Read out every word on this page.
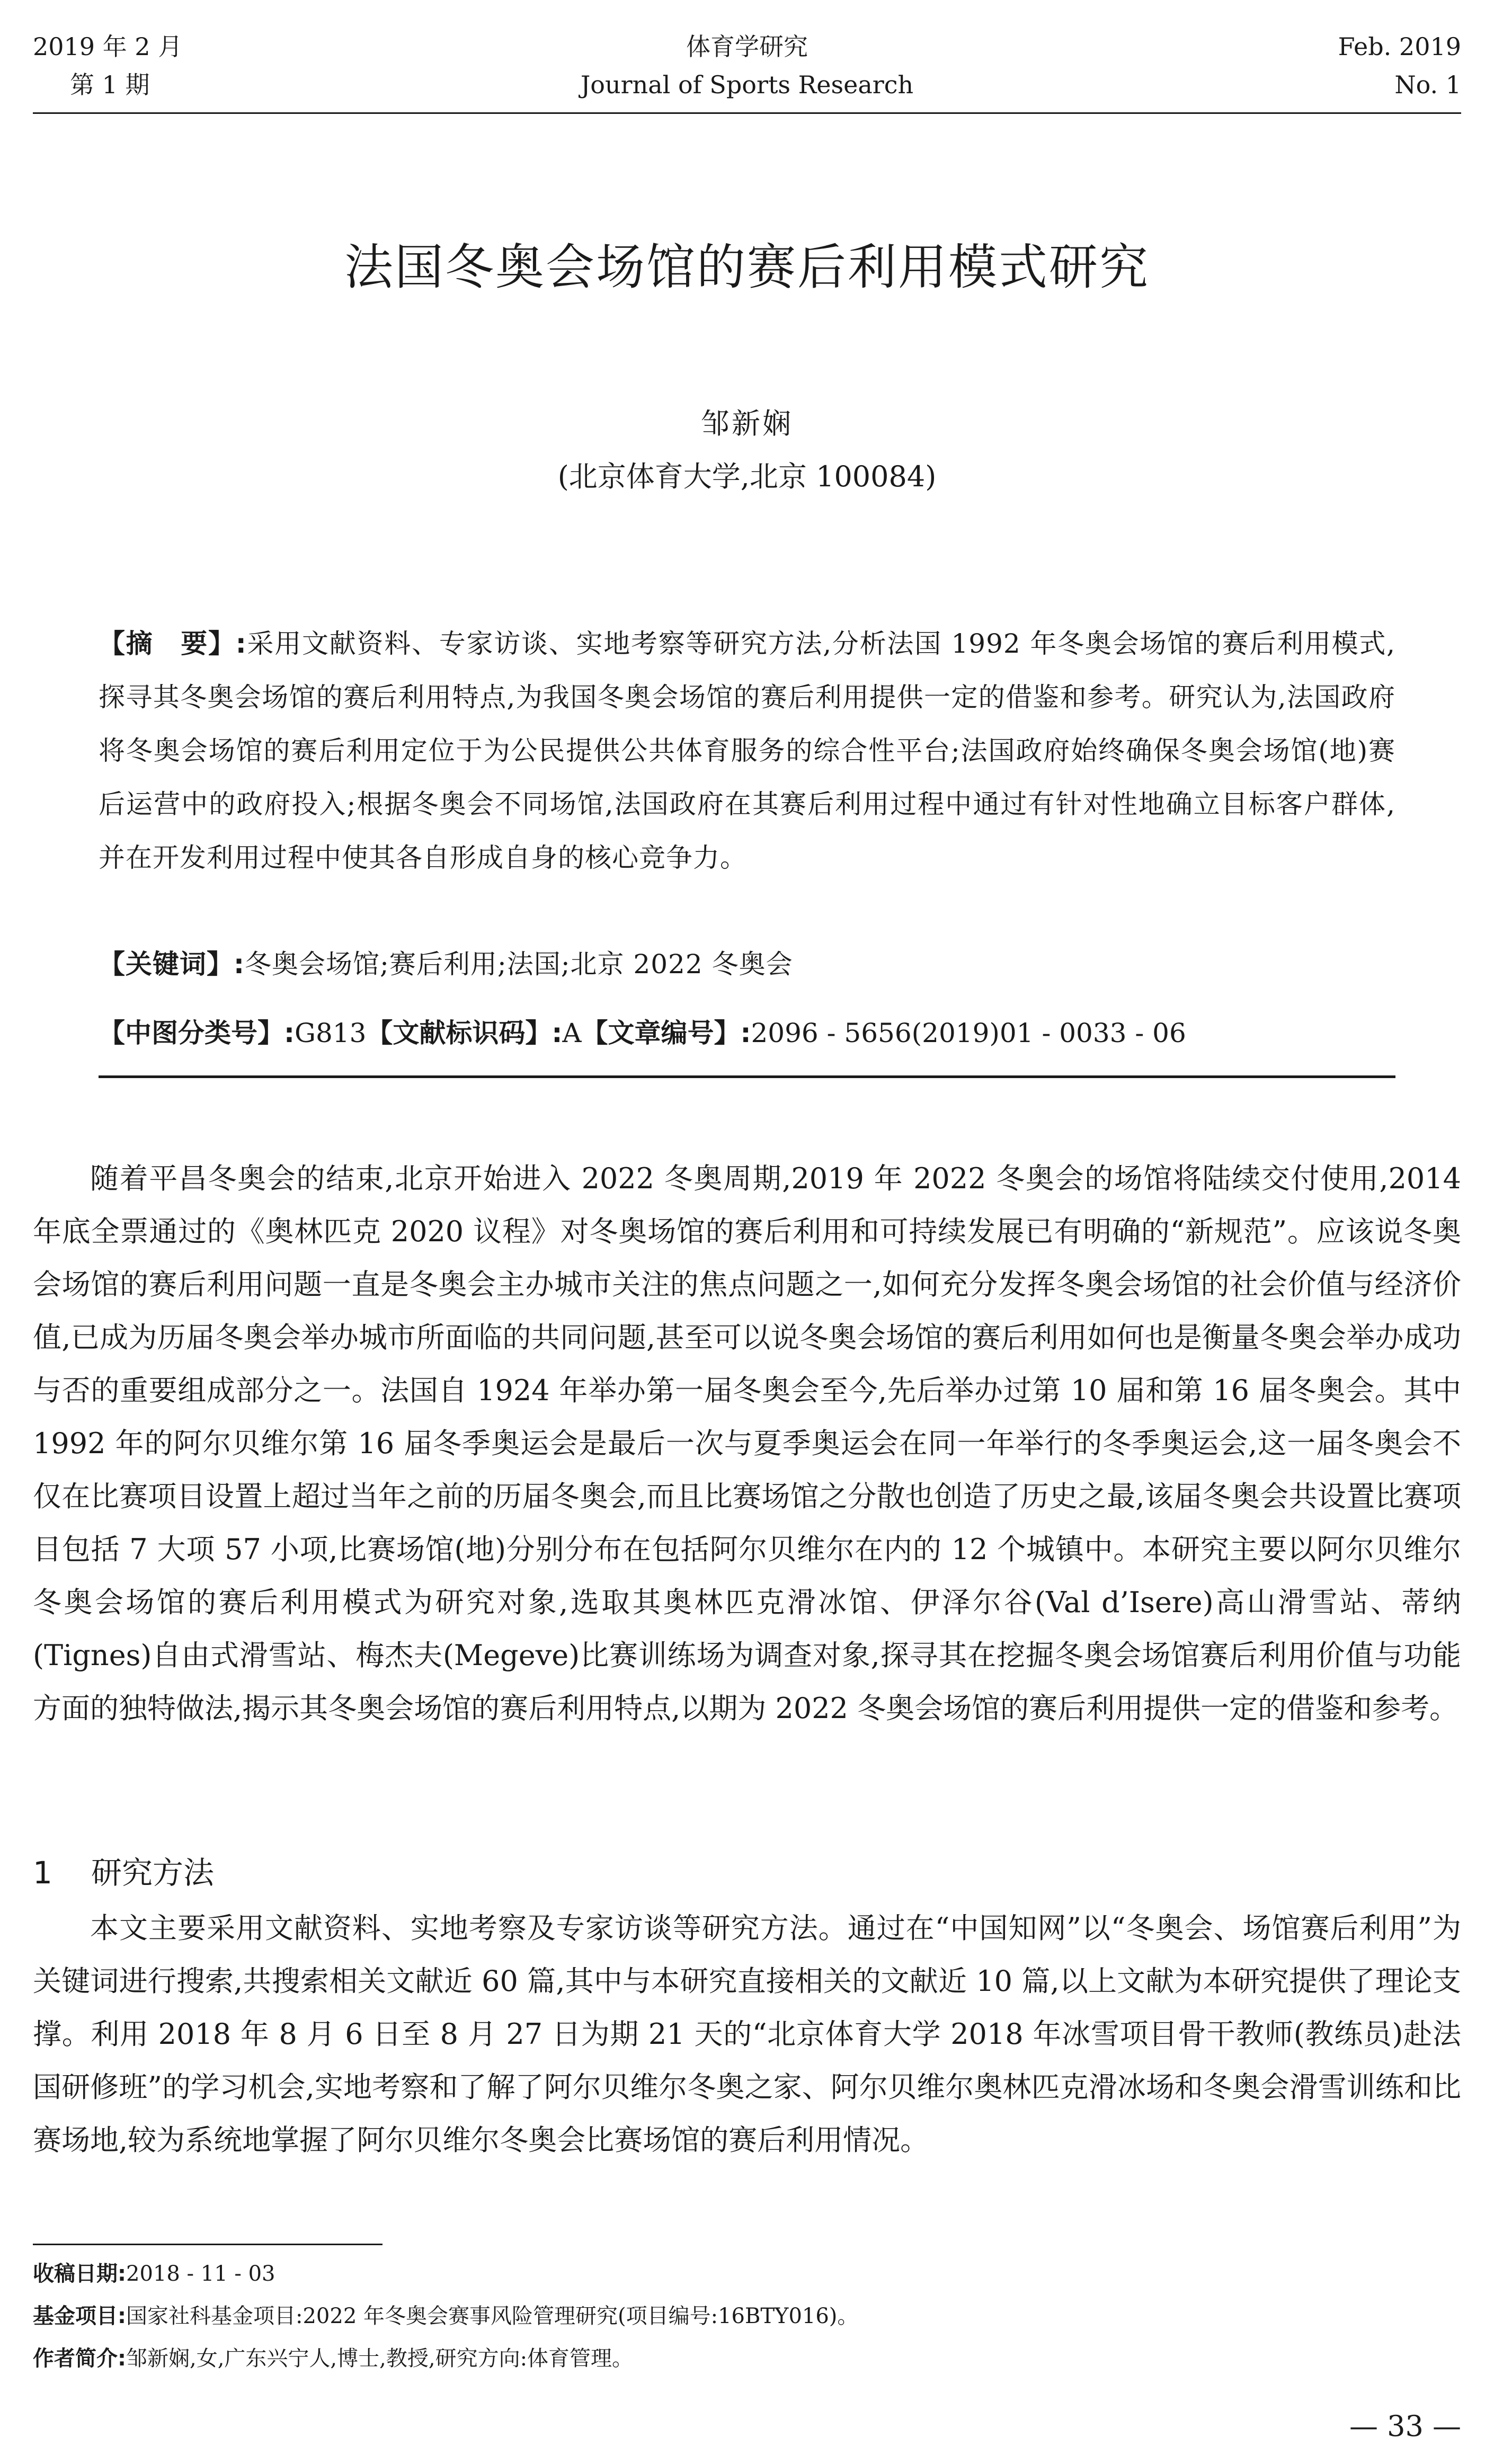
2019 年 2 月
第 1 期
体育学研究
Journal of Sports Research
Feb. 2019
No. 1
法国冬奥会场馆的赛后利用模式研究
邹新娴
(北京体育大学,北京 100084)
【摘　要】:采用文献资料、专家访谈、实地考察等研究方法,分析法国 1992 年冬奥会场馆的赛后利用模式,探寻其冬奥会场馆的赛后利用特点,为我国冬奥会场馆的赛后利用提供一定的借鉴和参考。研究认为,法国政府将冬奥会场馆的赛后利用定位于为公民提供公共体育服务的综合性平台;法国政府始终确保冬奥会场馆(地)赛后运营中的政府投入;根据冬奥会不同场馆,法国政府在其赛后利用过程中通过有针对性地确立目标客户群体,并在开发利用过程中使其各自形成自身的核心竞争力。
【关键词】:冬奥会场馆;赛后利用;法国;北京 2022 冬奥会
【中图分类号】:G813【文献标识码】:A【文章编号】:2096 - 5656(2019)01 - 0033 - 06
随着平昌冬奥会的结束,北京开始进入 2022 冬奥周期,2019 年 2022 冬奥会的场馆将陆续交付使用,2014 年底全票通过的《奥林匹克 2020 议程》对冬奥场馆的赛后利用和可持续发展已有明确的“新规范”。应该说冬奥会场馆的赛后利用问题一直是冬奥会主办城市关注的焦点问题之一,如何充分发挥冬奥会场馆的社会价值与经济价值,已成为历届冬奥会举办城市所面临的共同问题,甚至可以说冬奥会场馆的赛后利用如何也是衡量冬奥会举办成功与否的重要组成部分之一。法国自 1924 年举办第一届冬奥会至今,先后举办过第 10 届和第 16 届冬奥会。其中 1992 年的阿尔贝维尔第 16 届冬季奥运会是最后一次与夏季奥运会在同一年举行的冬季奥运会,这一届冬奥会不仅在比赛项目设置上超过当年之前的历届冬奥会,而且比赛场馆之分散也创造了历史之最,该届冬奥会共设置比赛项目包括 7 大项 57 小项,比赛场馆(地)分别分布在包括阿尔贝维尔在内的 12 个城镇中。本研究主要以阿尔贝维尔冬奥会场馆的赛后利用模式为研究对象,选取其奥林匹克滑冰馆、伊泽尔谷(Val d’Isere)高山滑雪站、蒂纳(Tignes)自由式滑雪站、梅杰夫(Megeve)比赛训练场为调查对象,探寻其在挖掘冬奥会场馆赛后利用价值与功能方面的独特做法,揭示其冬奥会场馆的赛后利用特点,以期为 2022 冬奥会场馆的赛后利用提供一定的借鉴和参考。
1 研究方法
本文主要采用文献资料、实地考察及专家访谈等研究方法。通过在“中国知网”以“冬奥会、场馆赛后利用”为关键词进行搜索,共搜索相关文献近 60 篇,其中与本研究直接相关的文献近 10 篇,以上文献为本研究提供了理论支撑。利用 2018 年 8 月 6 日至 8 月 27 日为期 21 天的“北京体育大学 2018 年冰雪项目骨干教师(教练员)赴法国研修班”的学习机会,实地考察和了解了阿尔贝维尔冬奥之家、阿尔贝维尔奥林匹克滑冰场和冬奥会滑雪训练和比赛场地,较为系统地掌握了阿尔贝维尔冬奥会比赛场馆的赛后利用情况。
收稿日期:2018 - 11 - 03
基金项目:国家社科基金项目:2022 年冬奥会赛事风险管理研究(项目编号:16BTY016)。
作者简介:邹新娴,女,广东兴宁人,博士,教授,研究方向:体育管理。
— 33 —
